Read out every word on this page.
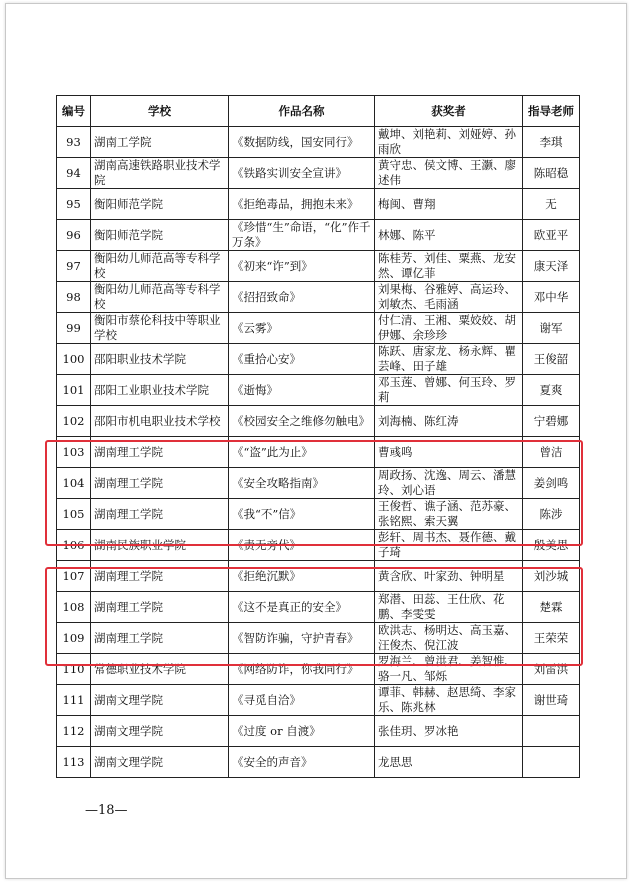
编号	学校	作品名称	获奖者	指导老师
93	湖南工学院	《数据防线，国安同行》	戴坤、刘艳莉、刘娅婷、孙雨欣	李琪
94	湖南高速铁路职业技术学院	《铁路实训安全宣讲》	黄守忠、侯文博、王灏、廖述伟	陈昭稳
95	衡阳师范学院	《拒绝毒品，拥抱未来》	梅闽、曹翔	无
96	衡阳师范学院	《珍惜“生”命语，“化”作千万条》	林娜、陈平	欧亚平
97	衡阳幼儿师范高等专科学校	《初来“诈”到》	陈桂芳、刘佳、粟燕、龙安然、谭亿菲	康天泽
98	衡阳幼儿师范高等专科学校	《招招致命》	刘果梅、谷雅婷、高运玲、刘敏杰、毛雨涵	邓中华
99	衡阳市蔡伦科技中等职业学校	《云雾》	付仁清、王湘、粟姣姣、胡伊娜、余珍珍	谢军
100	邵阳职业技术学院	《重拾心安》	陈跃、唐家龙、杨永辉、瞿芸峰、田子雄	王俊韶
101	邵阳工业职业技术学院	《逝悔》	邓玉莲、曾娜、何玉玲、罗莉	夏爽
102	邵阳市机电职业技术学校	《校园安全之维修勿触电》	刘海楠、陈红涛	宁碧娜
103	湖南理工学院	《“盗”此为止》	曹彧鸣	曾洁
104	湖南理工学院	《安全攻略指南》	周政扬、沈逸、周云、潘慧玲、刘心语	姜剑鸣
105	湖南理工学院	《我“不”信》	王俊哲、谯子涵、范苏豪、张铭熙、索天翼	陈涉
106	湖南民族职业学院	《责无旁代》	彭轩、周书杰、聂作德、戴子琦	殷美思
107	湖南理工学院	《拒绝沉默》	黄含欣、叶家劲、钟明星	刘沙城
108	湖南理工学院	《这不是真正的安全》	郑潜、田蕊、王仕欣、花鹏、李雯雯	楚霖
109	湖南理工学院	《智防诈骗，守护青春》	欧洪志、杨明达、高玉嘉、汪俊杰、倪江波	王荣荣
110	常德职业技术学院	《网络防诈，你我同行》	罗海兰、曾洪君、姜智惟、骆一凡、邹烁	刘雷洪
111	湖南文理学院	《寻觅自洽》	谭菲、韩赫、赵思绮、李家乐、陈兆林	谢世琦
112	湖南文理学院	《过度 or 自渡》	张佳玥、罗冰艳	
113	湖南文理学院	《安全的声音》	龙思思	
—18—
